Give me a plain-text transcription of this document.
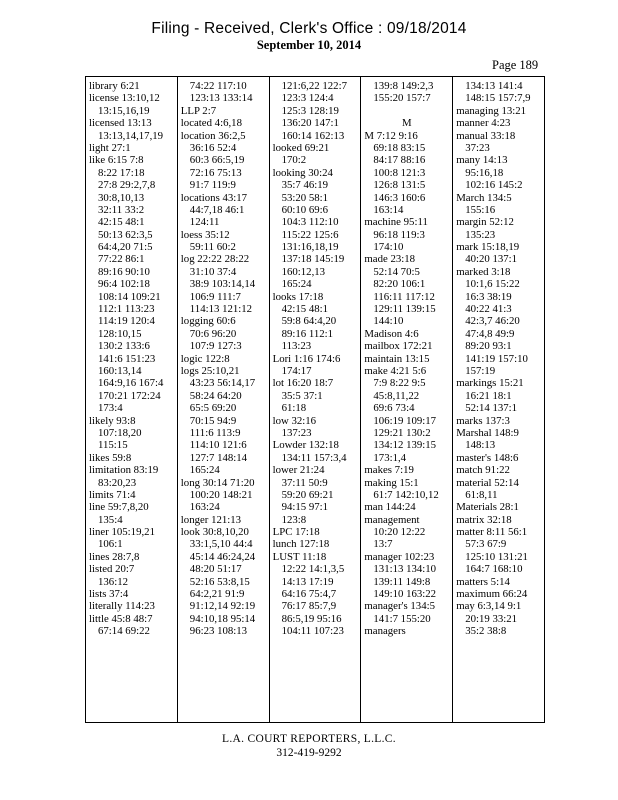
Filing - Received, Clerk's Office : 09/18/2014
September 10, 2014
Page 189
library 6:21
license 13:10,12
13:15,16,19
licensed 13:13
13:13,14,17,19
light 27:1
like 6:15 7:8
8:22 17:18
27:8 29:2,7,8
30:8,10,13
32:11 33:2
42:15 48:1
50:13 62:3,5
64:4,20 71:5
77:22 86:1
89:16 90:10
96:4 102:18
108:14 109:21
112:1 113:23
114:19 120:4
128:10,15
130:2 133:6
141:6 151:23
160:13,14
164:9,16 167:4
170:21 172:24
173:4
likely 93:8
107:18,20
115:15
likes 59:8
limitation 83:19
83:20,23
limits 71:4
line 59:7,8,20
135:4
liner 105:19,21
106:1
lines 28:7,8
listed 20:7
136:12
lists 37:4
literally 114:23
little 45:8 48:7
67:14 69:22
74:22 117:10
123:13 133:14
LLP 2:7
located 4:6,18
location 36:2,5
36:16 52:4
60:3 66:5,19
72:16 75:13
91:7 119:9
locations 43:17
44:7,18 46:1
124:11
loess 35:12
59:11 60:2
log 22:22 28:22
31:10 37:4
38:9 103:14,14
106:9 111:7
114:13 121:12
logging 60:6
70:6 96:20
107:9 127:3
logic 122:8
logs 25:10,21
43:23 56:14,17
58:24 64:20
65:5 69:20
70:15 94:9
111:6 113:9
114:10 121:6
127:7 148:14
165:24
long 30:14 71:20
100:20 148:21
163:24
longer 121:13
look 30:8,10,20
33:1,5,10 44:4
45:14 46:24,24
48:20 51:17
52:16 53:8,15
64:2,21 91:9
91:12,14 92:19
94:10,18 95:14
96:23 108:13
121:6,22 122:7
123:3 124:4
125:3 128:19
136:20 147:1
160:14 162:13
looked 69:21
170:2
looking 30:24
35:7 46:19
53:20 58:1
60:10 69:6
104:3 112:10
115:22 125:6
131:16,18,19
137:18 145:19
160:12,13
165:24
looks 17:18
42:15 48:1
59:8 64:4,20
89:16 112:1
113:23
Lori 1:16 174:6
174:17
lot 16:20 18:7
35:5 37:1
61:18
low 32:16
137:23
Lowder 132:18
134:11 157:3,4
lower 21:24
37:11 50:9
59:20 69:21
94:15 97:1
123:8
LPC 17:18
lunch 127:18
LUST 11:18
12:22 14:1,3,5
14:13 17:19
64:16 75:4,7
76:17 85:7,9
86:5,19 95:16
104:11 107:23
139:8 149:2,3
155:20 157:7
M
M 7:12 9:16
69:18 83:15
84:17 88:16
100:8 121:3
126:8 131:5
146:3 160:6
163:14
machine 95:11
96:18 119:3
174:10
made 23:18
52:14 70:5
82:20 106:1
116:11 117:12
129:11 139:15
144:10
Madison 4:6
mailbox 172:21
maintain 13:15
make 4:21 5:6
7:9 8:22 9:5
45:8,11,22
69:6 73:4
106:19 109:17
129:21 130:2
134:12 139:15
173:1,4
makes 7:19
making 15:1
61:7 142:10,12
man 144:24
management
10:20 12:22
13:7
manager 102:23
131:13 134:10
139:11 149:8
149:10 163:22
manager's 134:5
141:7 155:20
managers
134:13 141:4
148:15 157:7,9
managing 13:21
manner 4:23
manual 33:18
37:23
many 14:13
95:16,18
102:16 145:2
March 134:5
155:16
margin 52:12
135:23
mark 15:18,19
40:20 137:1
marked 3:18
10:1,6 15:22
16:3 38:19
40:22 41:3
42:3,7 46:20
47:4,8 49:9
89:20 93:1
141:19 157:10
157:19
markings 15:21
16:21 18:1
52:14 137:1
marks 137:3
Marshal 148:9
148:13
master's 148:6
match 91:22
material 52:14
61:8,11
Materials 28:1
matrix 32:18
matter 8:11 56:1
57:3 67:9
125:10 131:21
164:7 168:10
matters 5:14
maximum 66:24
may 6:3,14 9:1
20:19 33:21
35:2 38:8
L.A. COURT REPORTERS, L.L.C.
312-419-9292
